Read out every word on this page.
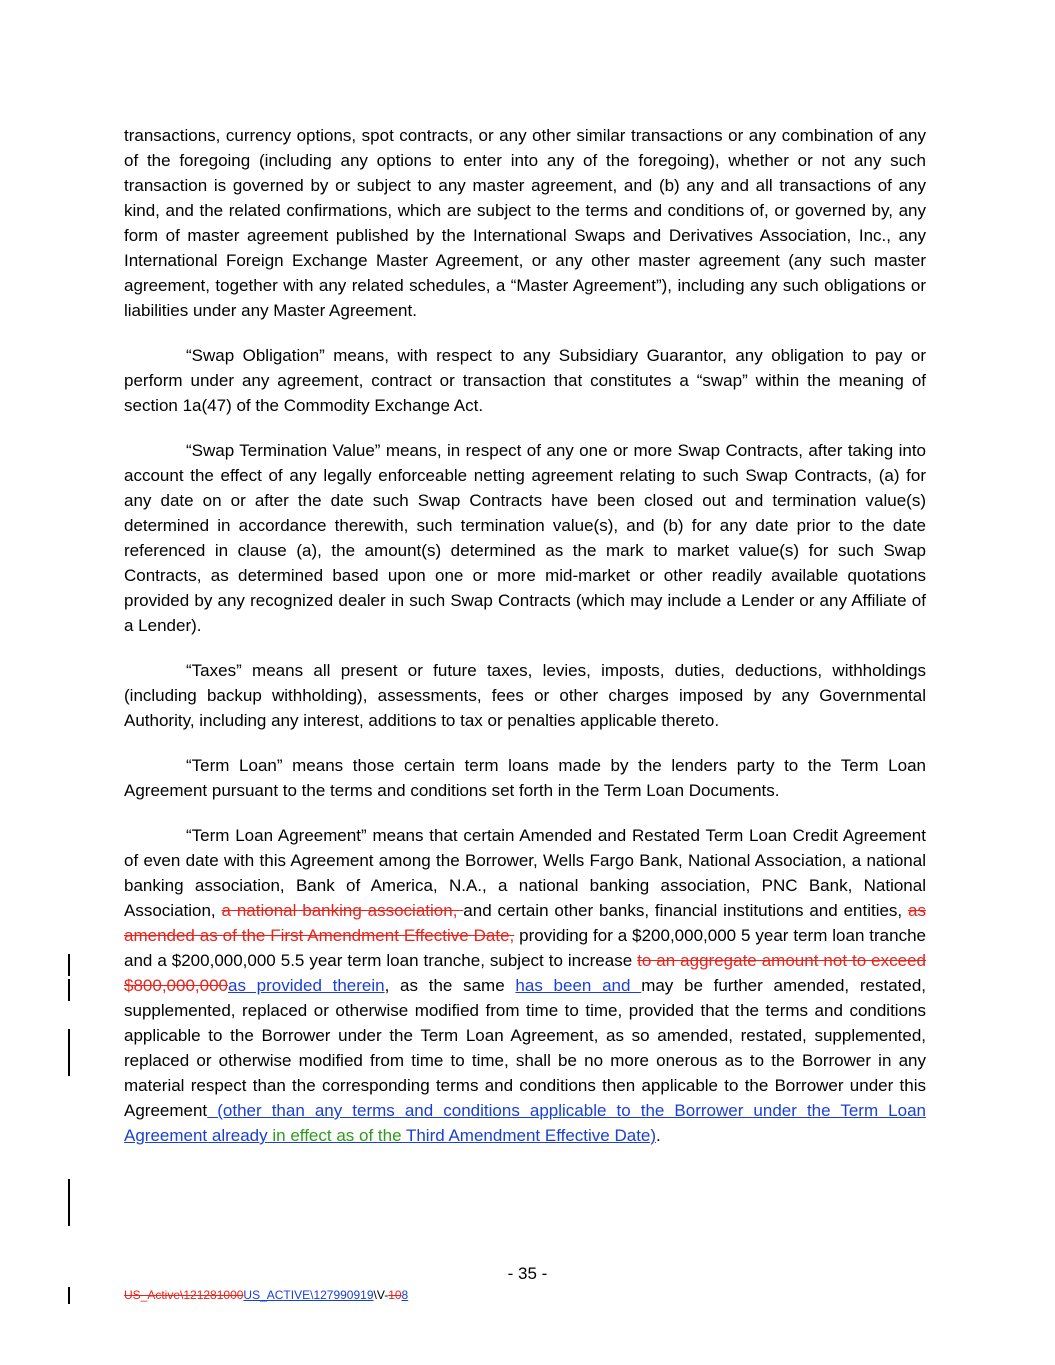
transactions, currency options, spot contracts, or any other similar transactions or any combination of any of the foregoing (including any options to enter into any of the foregoing), whether or not any such transaction is governed by or subject to any master agreement, and (b) any and all transactions of any kind, and the related confirmations, which are subject to the terms and conditions of, or governed by, any form of master agreement published by the International Swaps and Derivatives Association, Inc., any International Foreign Exchange Master Agreement, or any other master agreement (any such master agreement, together with any related schedules, a “Master Agreement”), including any such obligations or liabilities under any Master Agreement.

“Swap Obligation” means, with respect to any Subsidiary Guarantor, any obligation to pay or perform under any agreement, contract or transaction that constitutes a “swap” within the meaning of section 1a(47) of the Commodity Exchange Act.

“Swap Termination Value” means, in respect of any one or more Swap Contracts, after taking into account the effect of any legally enforceable netting agreement relating to such Swap Contracts, (a) for any date on or after the date such Swap Contracts have been closed out and termination value(s) determined in accordance therewith, such termination value(s), and (b) for any date prior to the date referenced in clause (a), the amount(s) determined as the mark to market value(s) for such Swap Contracts, as determined based upon one or more mid-market or other readily available quotations provided by any recognized dealer in such Swap Contracts (which may include a Lender or any Affiliate of a Lender).

“Taxes” means all present or future taxes, levies, imposts, duties, deductions, withholdings (including backup withholding), assessments, fees or other charges imposed by any Governmental Authority, including any interest, additions to tax or penalties applicable thereto.

“Term Loan” means those certain term loans made by the lenders party to the Term Loan Agreement pursuant to the terms and conditions set forth in the Term Loan Documents.

“Term Loan Agreement” means that certain Amended and Restated Term Loan Credit Agreement of even date with this Agreement among the Borrower, Wells Fargo Bank, National Association, a national banking association, Bank of America, N.A., a national banking association, PNC Bank, National Association, a national banking association, and certain other banks, financial institutions and entities, as amended as of the First Amendment Effective Date, providing for a $200,000,000 5 year term loan tranche and a $200,000,000 5.5 year term loan tranche, subject to increase to an aggregate amount not to exceed $800,000,000as provided therein, as the same has been and may be further amended, restated, supplemented, replaced or otherwise modified from time to time, provided that the terms and conditions applicable to the Borrower under the Term Loan Agreement, as so amended, restated, supplemented, replaced or otherwise modified from time to time, shall be no more onerous as to the Borrower in any material respect than the corresponding terms and conditions then applicable to the Borrower under this Agreement (other than any terms and conditions applicable to the Borrower under the Term Loan Agreement already in effect as of the Third Amendment Effective Date).

- 35 -
US_Active\121281000US_ACTIVE\127990919\V-108
